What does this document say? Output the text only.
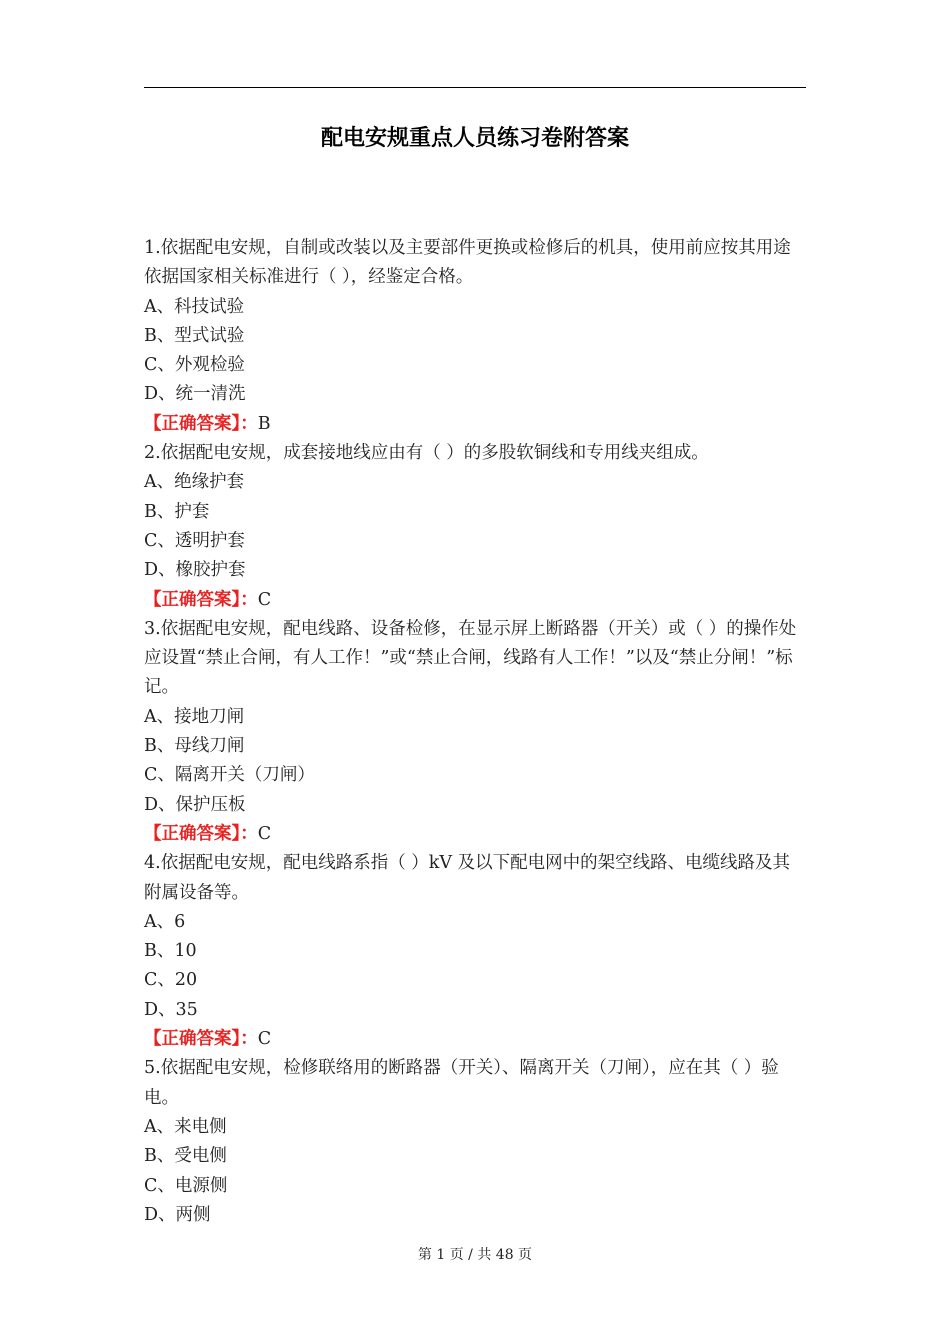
配电安规重点人员练习卷附答案
1.依据配电安规，自制或改装以及主要部件更换或检修后的机具，使用前应按其用途依据国家相关标准进行（ ），经鉴定合格。
A、科技试验
B、型式试验
C、外观检验
D、统一清洗
【正确答案】：B
2.依据配电安规，成套接地线应由有（ ）的多股软铜线和专用线夹组成。
A、绝缘护套
B、护套
C、透明护套
D、橡胶护套
【正确答案】：C
3.依据配电安规，配电线路、设备检修，在显示屏上断路器（开关）或（ ）的操作处应设置“禁止合闸，有人工作！”或“禁止合闸，线路有人工作！”以及“禁止分闸！”标记。
A、接地刀闸
B、母线刀闸
C、隔离开关（刀闸）
D、保护压板
【正确答案】：C
4.依据配电安规，配电线路系指（ ）kV 及以下配电网中的架空线路、电缆线路及其附属设备等。
A、6
B、10
C、20
D、35
【正确答案】：C
5.依据配电安规，检修联络用的断路器（开关）、隔离开关（刀闸），应在其（ ）验电。
A、来电侧
B、受电侧
C、电源侧
D、两侧
第 1 页 / 共 48 页
